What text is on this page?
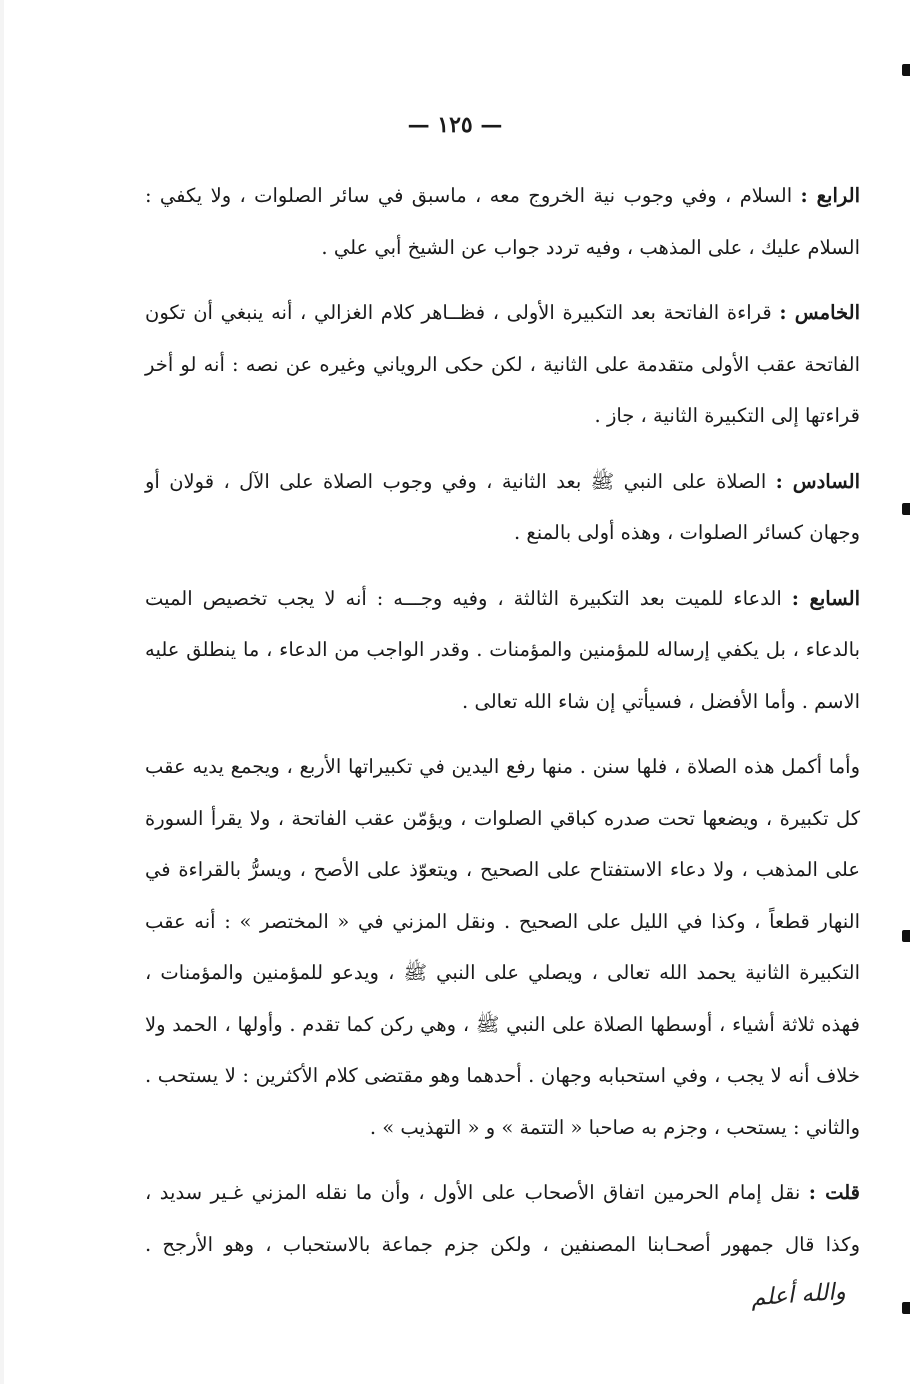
— ١٢٥ —

الرابع : السلام ، وفي وجوب نية الخروج معه ، ماسبق في سائر الصلوات ، ولا يكفي : السلام عليك ، على المذهب ، وفيه تردد جواب عن الشيخ أبي علي .

الخامس : قراءة الفاتحة بعد التكبيرة الأولى ، فظــاهر كلام الغزالي ، أنه ينبغي أن تكون الفاتحة عقب الأولى متقدمة على الثانية ، لكن حكى الروياني وغيره عن نصه : أنه لو أخر قراءتها إلى التكبيرة الثانية ، جاز .

السادس : الصلاة على النبي ﷺ بعد الثانية ، وفي وجوب الصلاة على الآل ، قولان أو وجهان كسائر الصلوات ، وهذه أولى بالمنع .

السابع : الدعاء للميت بعد التكبيرة الثالثة ، وفيه وجـــه : أنه لا يجب تخصيص الميت بالدعاء ، بل يكفي إرساله للمؤمنين والمؤمنات . وقدر الواجب من الدعاء ، ما ينطلق عليه الاسم . وأما الأفضل ، فسيأتي إن شاء الله تعالى .

وأما أكمل هذه الصلاة ، فلها سنن . منها رفع اليدين في تكبيراتها الأربع ، ويجمع يديه عقب كل تكبيرة ، ويضعها تحت صدره كباقي الصلوات ، ويؤمّن عقب الفاتحة ، ولا يقرأ السورة على المذهب ، ولا دعاء الاستفتاح على الصحيح ، ويتعوّذ على الأصح ، ويسرُّ بالقراءة في النهار قطعاً ، وكذا في الليل على الصحيح . ونقل المزني في « المختصر » : أنه عقب التكبيرة الثانية يحمد الله تعالى ، ويصلي على النبي ﷺ ، ويدعو للمؤمنين والمؤمنات ، فهذه ثلاثة أشياء ، أوسطها الصلاة على النبي ﷺ ، وهي ركن كما تقدم . وأولها ، الحمد ولا خلاف أنه لا يجب ، وفي استحبابه وجهان . أحدهما وهو مقتضى كلام الأكثرين : لا يستحب . والثاني : يستحب ، وجزم به صاحبا « التتمة » و « التهذيب » .

قلت : نقل إمام الحرمين اتفاق الأصحاب على الأول ، وأن ما نقله المزني غـير سديد ، وكذا قال جمهور أصحـابنا المصنفين ، ولكن جزم جماعة بالاستحباب ، وهو الأرجح .والله أعلم
